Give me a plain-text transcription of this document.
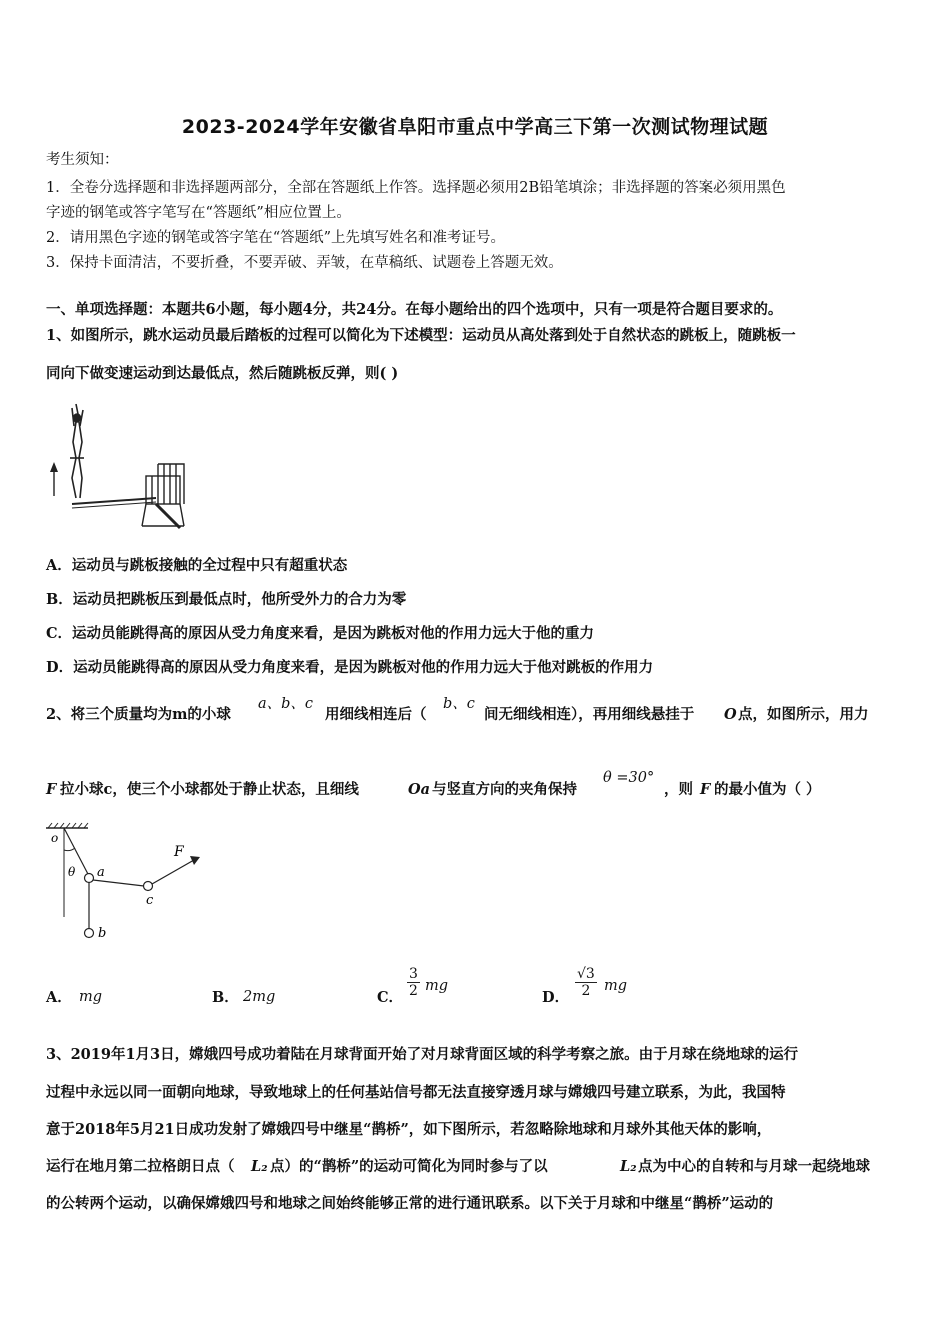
2023-2024学年安徽省阜阳市重点中学高三下第一次测试物理试题
考生须知：
1．全卷分选择题和非选择题两部分，全部在答题纸上作答。选择题必须用2B铅笔填涂；非选择题的答案必须用黑色
字迹的钢笔或答字笔写在“答题纸”相应位置上。
2．请用黑色字迹的钢笔或答字笔在“答题纸”上先填写姓名和准考证号。
3．保持卡面清洁，不要折叠，不要弄破、弄皱，在草稿纸、试题卷上答题无效。
一、单项选择题：本题共6小题，每小题4分，共24分。在每小题给出的四个选项中，只有一项是符合题目要求的。
1、如图所示，跳水运动员最后踏板的过程可以简化为下述模型：运动员从高处落到处于自然状态的跳板上，随跳板一
同向下做变速运动到达最低点，然后随跳板反弹，则( )
A．运动员与跳板接触的全过程中只有超重状态
B．运动员把跳板压到最低点时，他所受外力的合力为零
C．运动员能跳得高的原因从受力角度来看，是因为跳板对他的作用力远大于他的重力
D．运动员能跳得高的原因从受力角度来看，是因为跳板对他的作用力远大于他对跳板的作用力
2、将三个质量均为m的小球
a、b、c
用细线相连后（
b、c
间无细线相连），再用细线悬挂于 O 点，如图所示，用力
F 拉小球c，使三个小球都处于静止状态，且细线	Oa 与竖直方向的夹角保持
θ =30°
，则 F 的最小值为（ ）
o
θ a
b
c
F
A． mg	B． 2mg	C． $\frac{3}{2}$ mg
D． $\frac{√3}{2}$ mg
3、2019年1月3日，嫦娥四号成功着陆在月球背面开始了对月球背面区域的科学考察之旅。由于月球在绕地球的运行
过程中永远以同一面朝向地球，导致地球上的任何基站信号都无法直接穿透月球与嫦娥四号建立联系，为此，我国特
意于2018年5月21日成功发射了嫦娥四号中继星“鹊桥”，如下图所示，若忽略除地球和月球外其他天体的影响，
运行在地月第二拉格朗日点（ L₂ 点）的“鹊桥”的运动可简化为同时参与了以	L₂ 点为中心的自转和与月球一起绕地球
的公转两个运动，以确保嫦娥四号和地球之间始终能够正常的进行通讯联系。以下关于月球和中继星“鹊桥”运动的
